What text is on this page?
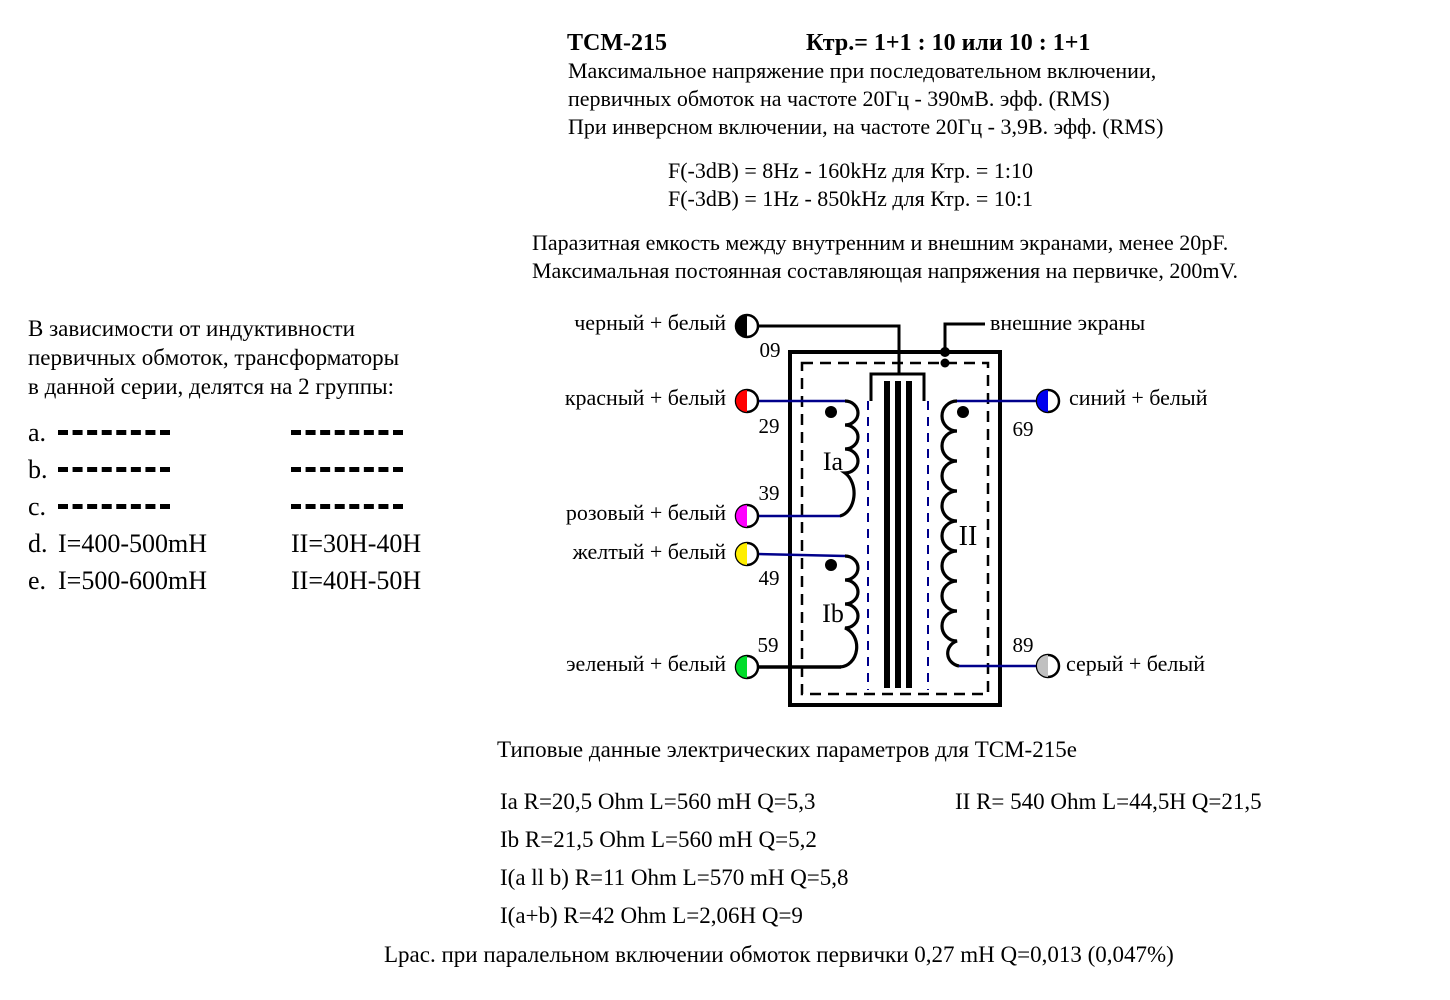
ТСМ-215	Ктр.= 1+1 : 10 или 10 : 1+1
Максимальное напряжение при последовательном включении,
первичных обмоток на частоте 20Гц - 390мВ. эфф. (RMS)
При инверсном включении, на частоте 20Гц - 3,9В. эфф. (RMS)
F(-3dB) = 8Hz - 160kHz для Ктр. = 1:10
F(-3dB) = 1Hz - 850kHz для Ктр. = 10:1
Паразитная емкость между внутренним и внешним экранами, менее 20pF.
Максимальная постоянная составляющая напряжения на первичке, 200mV.
В зависимости от индуктивности
первичных обмоток, трансформаторы
в данной серии, делятся на 2 группы:
a.
b.
c.
d. I=400-500mH	II=30H-40H
e. I=500-600mH	II=40H-50H
черный + белый
красный + белый
розовый + белый
желтый + белый
эеленый + белый
внешние экраны
синий + белый
серый + белый
Ia
Ib
II
09
29
39
49
59
69
89
Типовые данные электрических параметров для ТСМ-215е
Ia R=20,5 Ohm L=560 mH Q=5,3	II R= 540 Ohm L=44,5H Q=21,5
Ib R=21,5 Ohm L=560 mH Q=5,2
I(a ll b) R=11 Ohm L=570 mH Q=5,8
I(a+b) R=42 Ohm L=2,06H Q=9
Lрас. при паралельном включении обмоток первички 0,27 mH Q=0,013 (0,047%)
